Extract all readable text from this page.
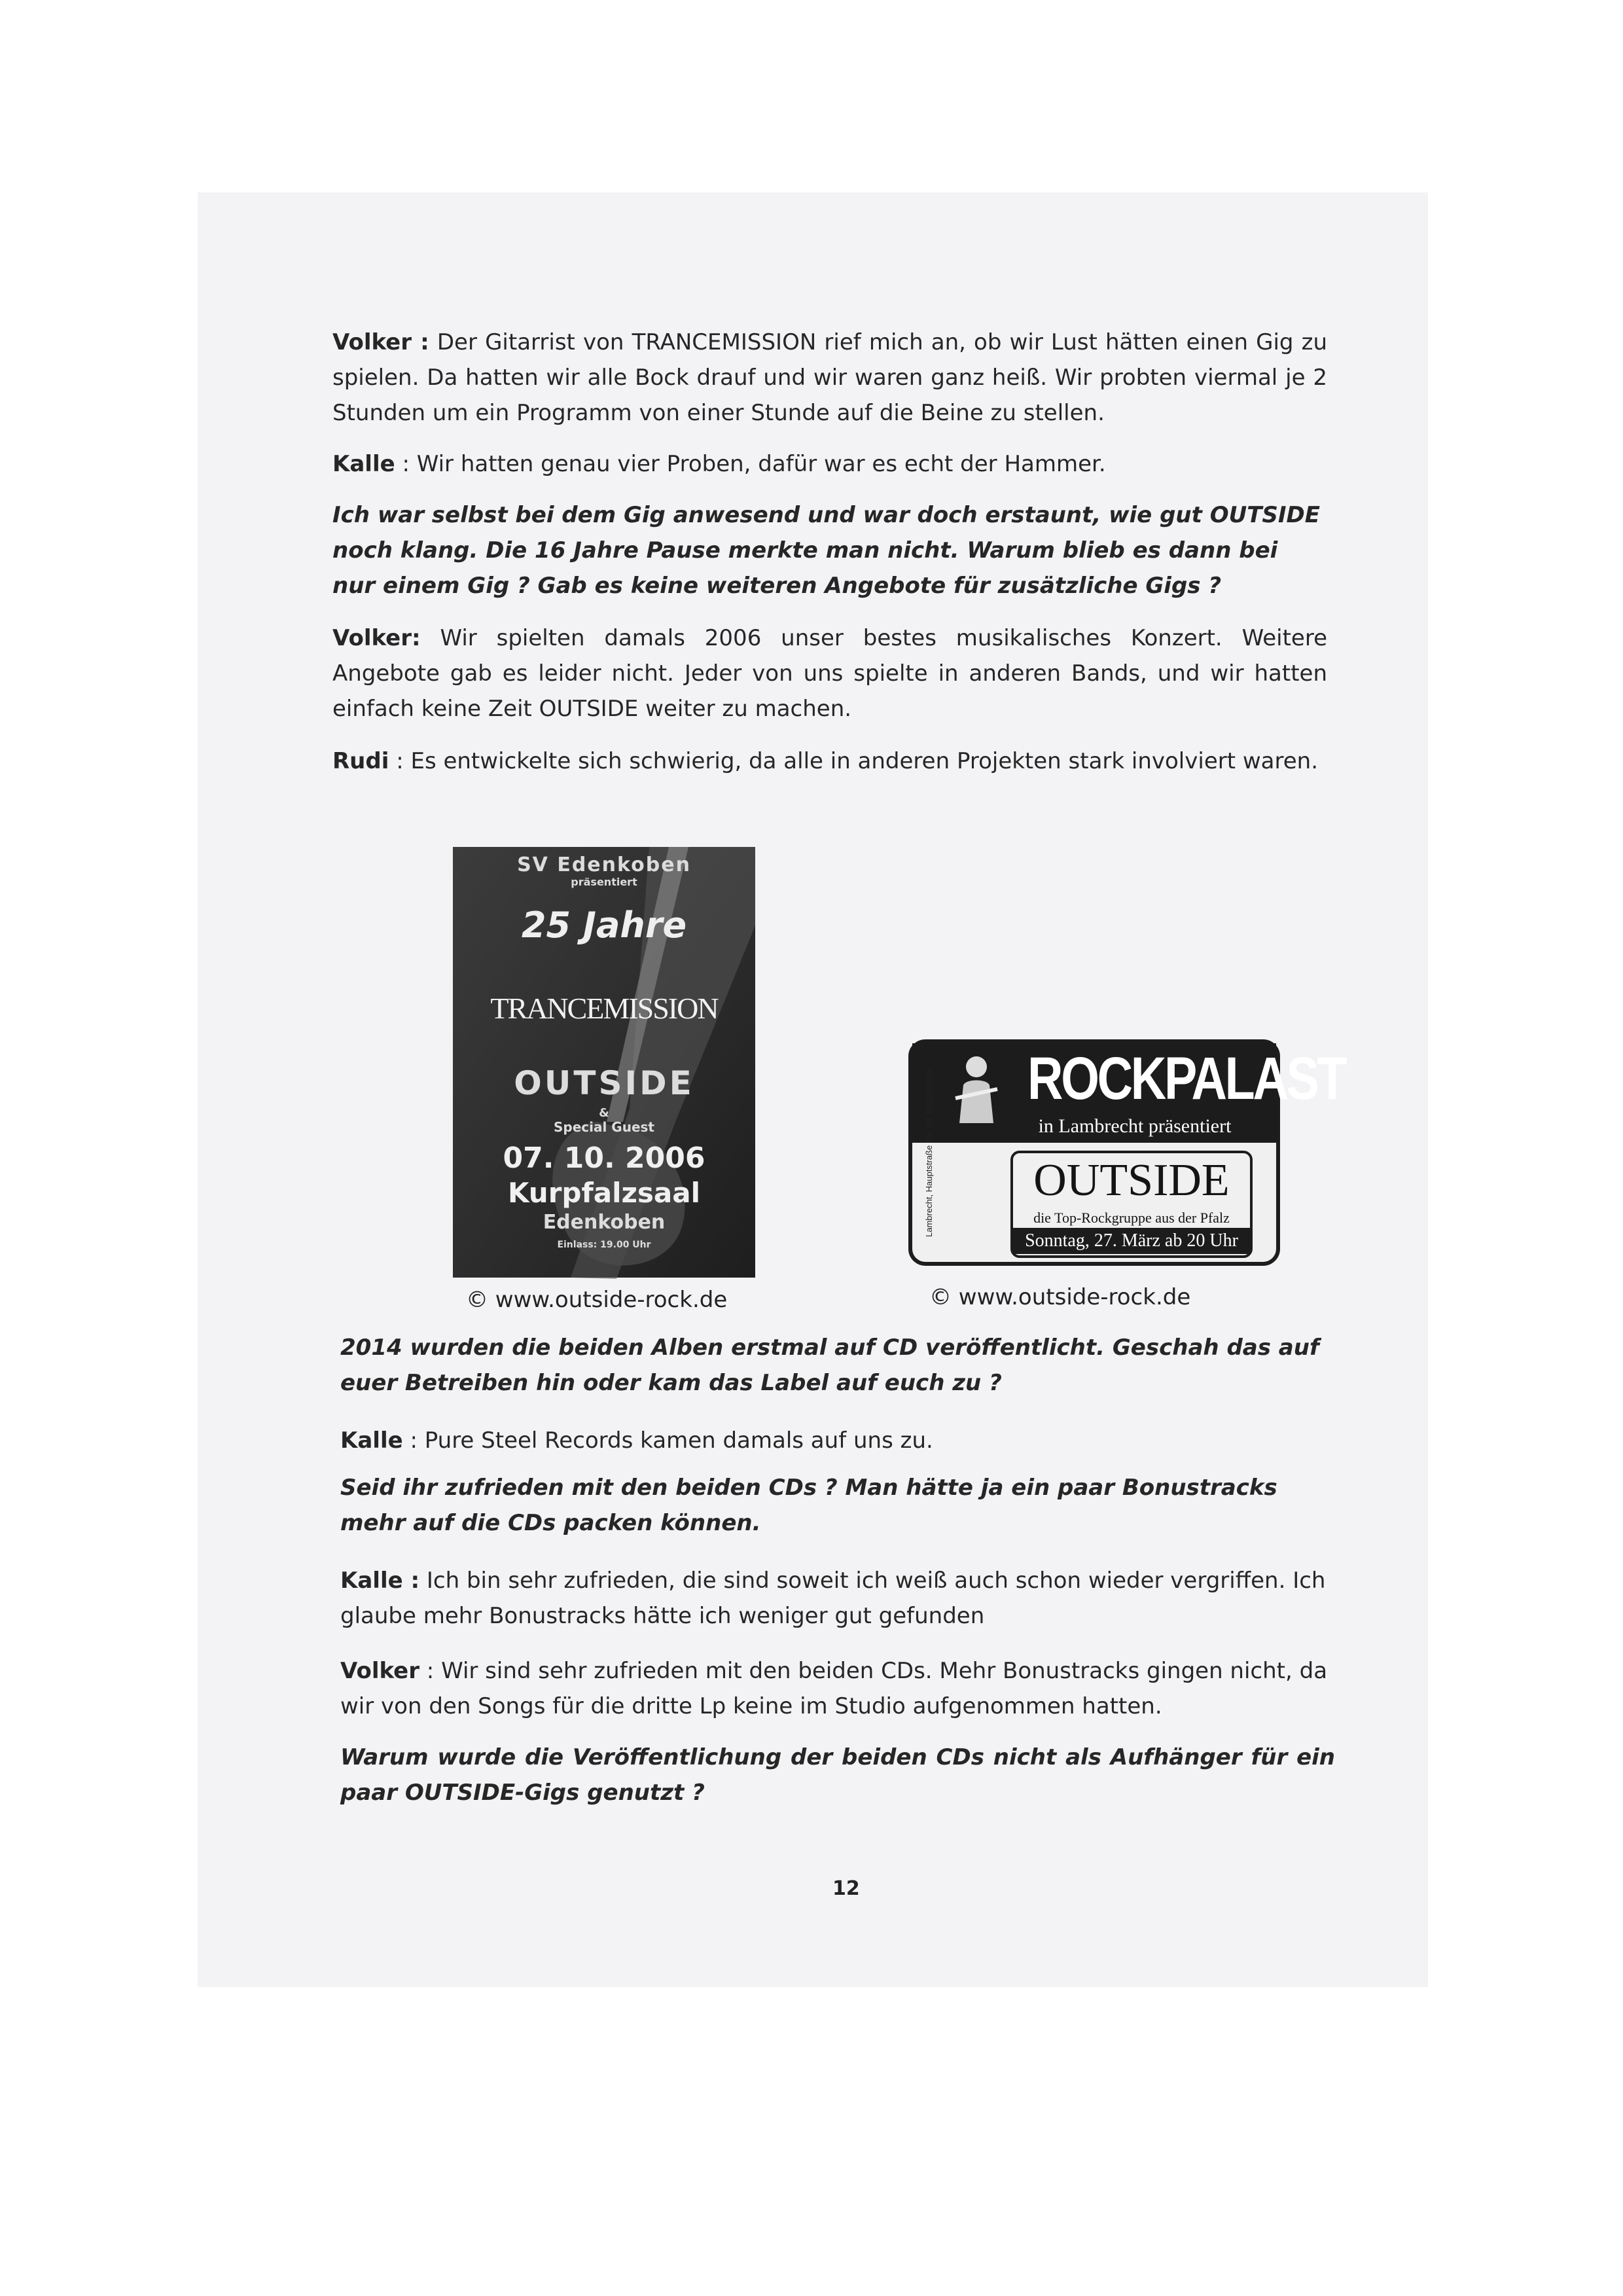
Volker : Der Gitarrist von TRANCEMISSION rief mich an, ob wir Lust hätten einen Gig zu spielen. Da hatten wir alle Bock drauf und wir waren ganz heiß. Wir probten viermal je 2 Stunden um ein Programm von einer Stunde auf die Beine zu stellen.
Kalle : Wir hatten genau vier Proben, dafür war es echt der Hammer.
Ich war selbst bei dem Gig anwesend und war doch erstaunt, wie gut OUTSIDE noch klang. Die 16 Jahre Pause merkte man nicht. Warum blieb es dann bei nur einem Gig ? Gab es keine weiteren Angebote für zusätzliche Gigs ?
Volker: Wir spielten damals 2006 unser bestes musikalisches Konzert. Weitere Angebote gab es leider nicht. Jeder von uns spielte in anderen Bands, und wir hatten einfach keine Zeit OUTSIDE weiter zu machen.
Rudi : Es entwickelte sich schwierig, da alle in anderen Projekten stark involviert waren.
SV Edenkoben
präsentiert
25 Jahre
TRANCEMISSION
OUTSIDE
&
Special Guest
07. 10. 2006
Kurpfalzsaal
Edenkoben
Einlass: 19.00 Uhr
Lambrecht, Hauptstraße 53, Tel. 06325/8765 ROCKPALAST
in Lambrecht präsentiert
OUTSIDE
die Top-Rockgruppe aus der Pfalz
Sonntag, 27. März ab 20 Uhr
© www.outside-rock.de	© www.outside-rock.de
2014 wurden die beiden Alben erstmal auf CD veröffentlicht. Geschah das auf euer Betreiben hin oder kam das Label auf euch zu ?
Kalle : Pure Steel Records kamen damals auf uns zu.
Seid ihr zufrieden mit den beiden CDs ? Man hätte ja ein paar Bonustracks mehr auf die CDs packen können.
Kalle : Ich bin sehr zufrieden, die sind soweit ich weiß auch schon wieder vergriffen. Ich glaube mehr Bonustracks hätte ich weniger gut gefunden
Volker : Wir sind sehr zufrieden mit den beiden CDs. Mehr Bonustracks gingen nicht, da wir von den Songs für die dritte Lp keine im Studio aufgenommen hatten.
Warum wurde die Veröffentlichung der beiden CDs nicht als Aufhänger für ein paar OUTSIDE-Gigs genutzt ?
12
